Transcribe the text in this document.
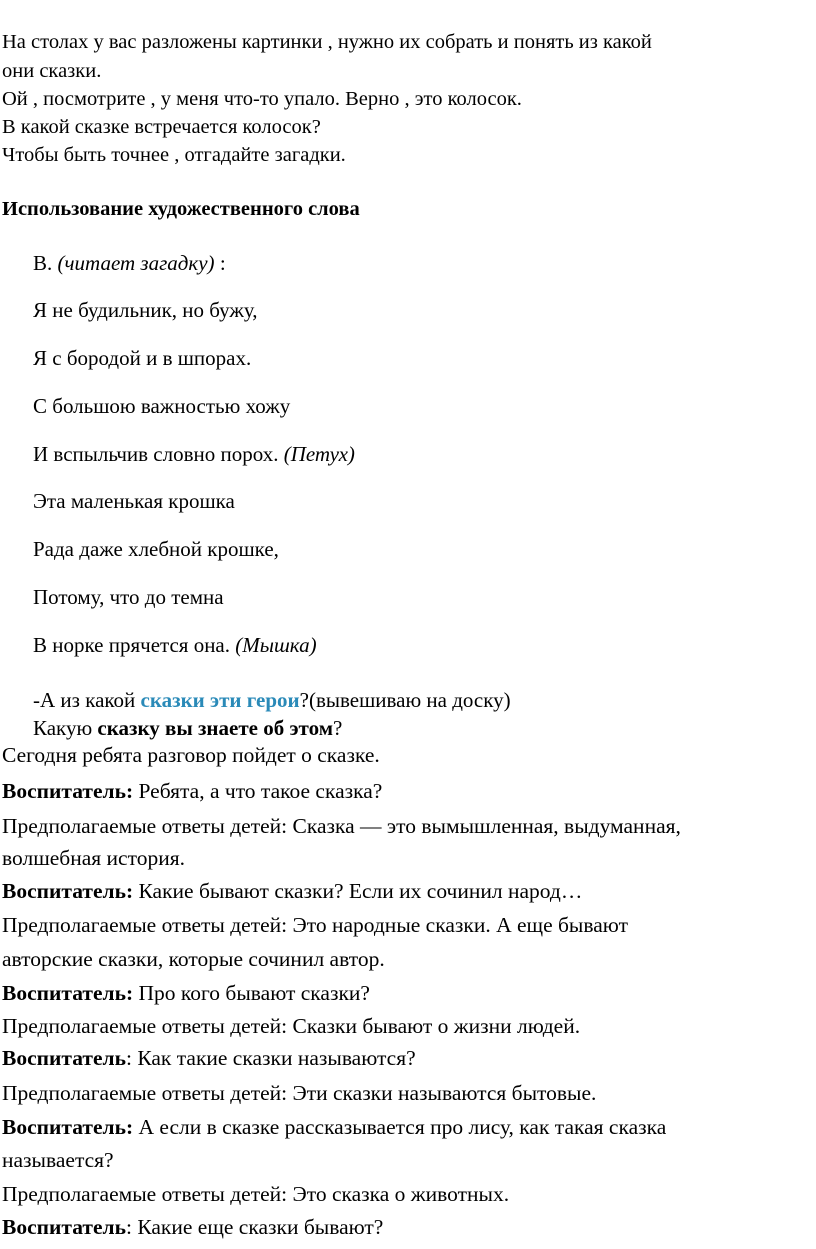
На столах у вас разложены картинки , нужно их собрать и понять из какой
они сказки.
Ой , посмотрите , у меня что-то упало. Верно , это колосок.
В какой сказке встречается колосок?
Чтобы быть точнее , отгадайте загадки.
Использование художественного слова
В. (читает загадку) :
Я не будильник, но бужу,
Я с бородой и в шпорах.
С большою важностью хожу
И вспыльчив словно порох. (Петух)
Эта маленькая крошка
Рада даже хлебной крошке,
Потому, что до темна
В норке прячется она. (Мышка)
-А из какой сказки эти герои?(вывешиваю на доску)
Какую сказку вы знаете об этом?
Сегодня ребята разговор пойдет о сказке.
Воспитатель: Ребята, а что такое сказка?
Предполагаемые ответы детей: Сказка — это вымышленная, выдуманная,
волшебная история.
Воспитатель: Какие бывают сказки? Если их сочинил народ…
Предполагаемые ответы детей: Это народные сказки. А еще бывают
авторские сказки, которые сочинил автор.
Воспитатель: Про кого бывают сказки?
Предполагаемые ответы детей: Сказки бывают о жизни людей.
Воспитатель: Как такие сказки называются?
Предполагаемые ответы детей: Эти сказки называются бытовые.
Воспитатель: А если в сказке рассказывается про лису, как такая сказка
называется?
Предполагаемые ответы детей: Это сказка о животных.
Воспитатель: Какие еще сказки бывают?
